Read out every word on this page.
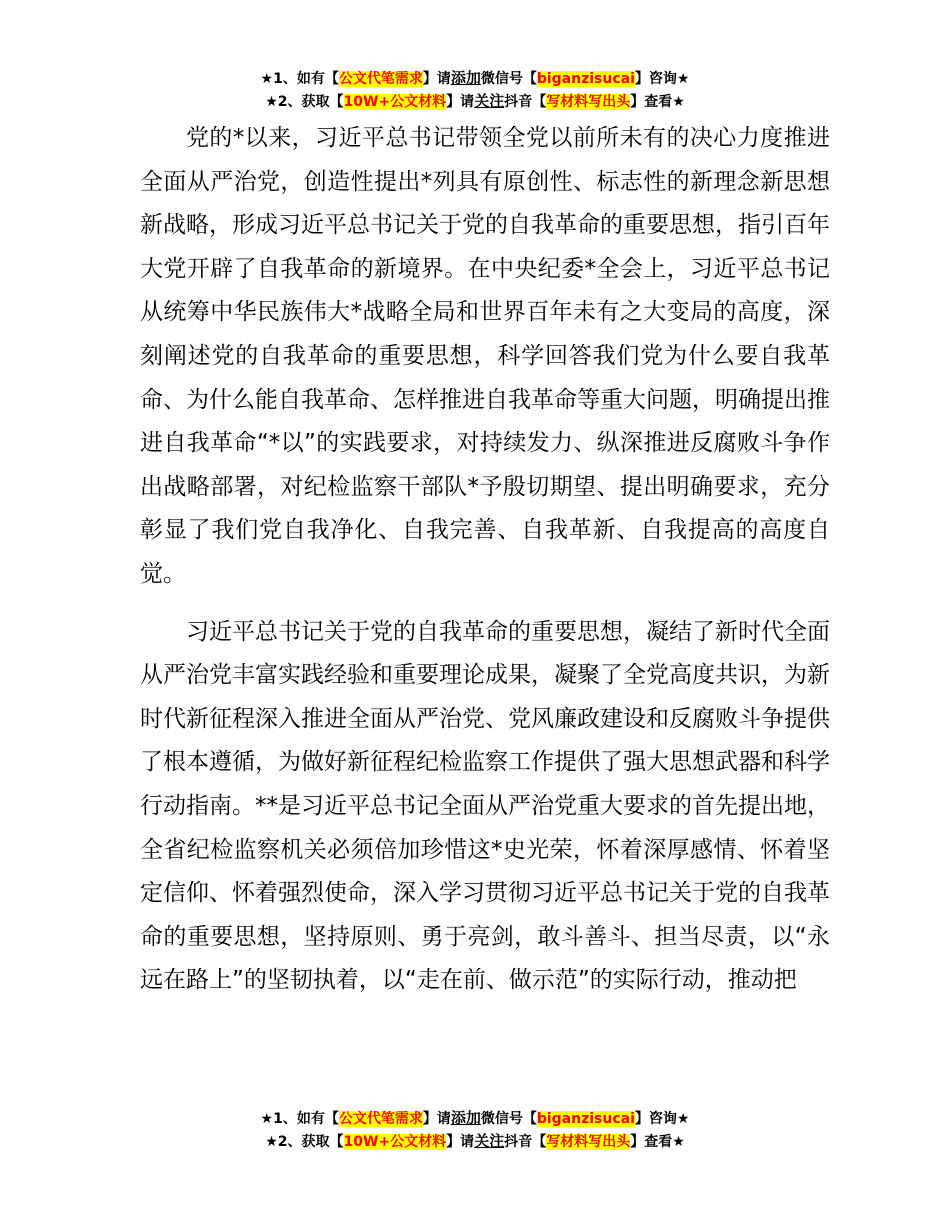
★1、如有【公文代笔需求】请添加微信号【biganzisucai】咨询★
★2、获取【10W+公文材料】请关注抖音【写材料写出头】查看★

党的*以来，习近平总书记带领全党以前所未有的决心力度推进全面从严治党，创造性提出*列具有原创性、标志性的新理念新思想新战略，形成习近平总书记关于党的自我革命的重要思想，指引百年大党开辟了自我革命的新境界。在中央纪委*全会上，习近平总书记从统筹中华民族伟大*战略全局和世界百年未有之大变局的高度，深刻阐述党的自我革命的重要思想，科学回答我们党为什么要自我革命、为什么能自我革命、怎样推进自我革命等重大问题，明确提出推进自我革命“*以”的实践要求，对持续发力、纵深推进反腐败斗争作出战略部署，对纪检监察干部队*予殷切期望、提出明确要求，充分彰显了我们党自我净化、自我完善、自我革新、自我提高的高度自觉。

习近平总书记关于党的自我革命的重要思想，凝结了新时代全面从严治党丰富实践经验和重要理论成果，凝聚了全党高度共识，为新时代新征程深入推进全面从严治党、党风廉政建设和反腐败斗争提供了根本遵循，为做好新征程纪检监察工作提供了强大思想武器和科学行动指南。**是习近平总书记全面从严治党重大要求的首先提出地，全省纪检监察机关必须倍加珍惜这*史光荣，怀着深厚感情、怀着坚定信仰、怀着强烈使命，深入学习贯彻习近平总书记关于党的自我革命的重要思想，坚持原则、勇于亮剑，敢斗善斗、担当尽责，以“永远在路上”的坚韧执着，以“走在前、做示范”的实际行动，推动把

★1、如有【公文代笔需求】请添加微信号【biganzisucai】咨询★
★2、获取【10W+公文材料】请关注抖音【写材料写出头】查看★
